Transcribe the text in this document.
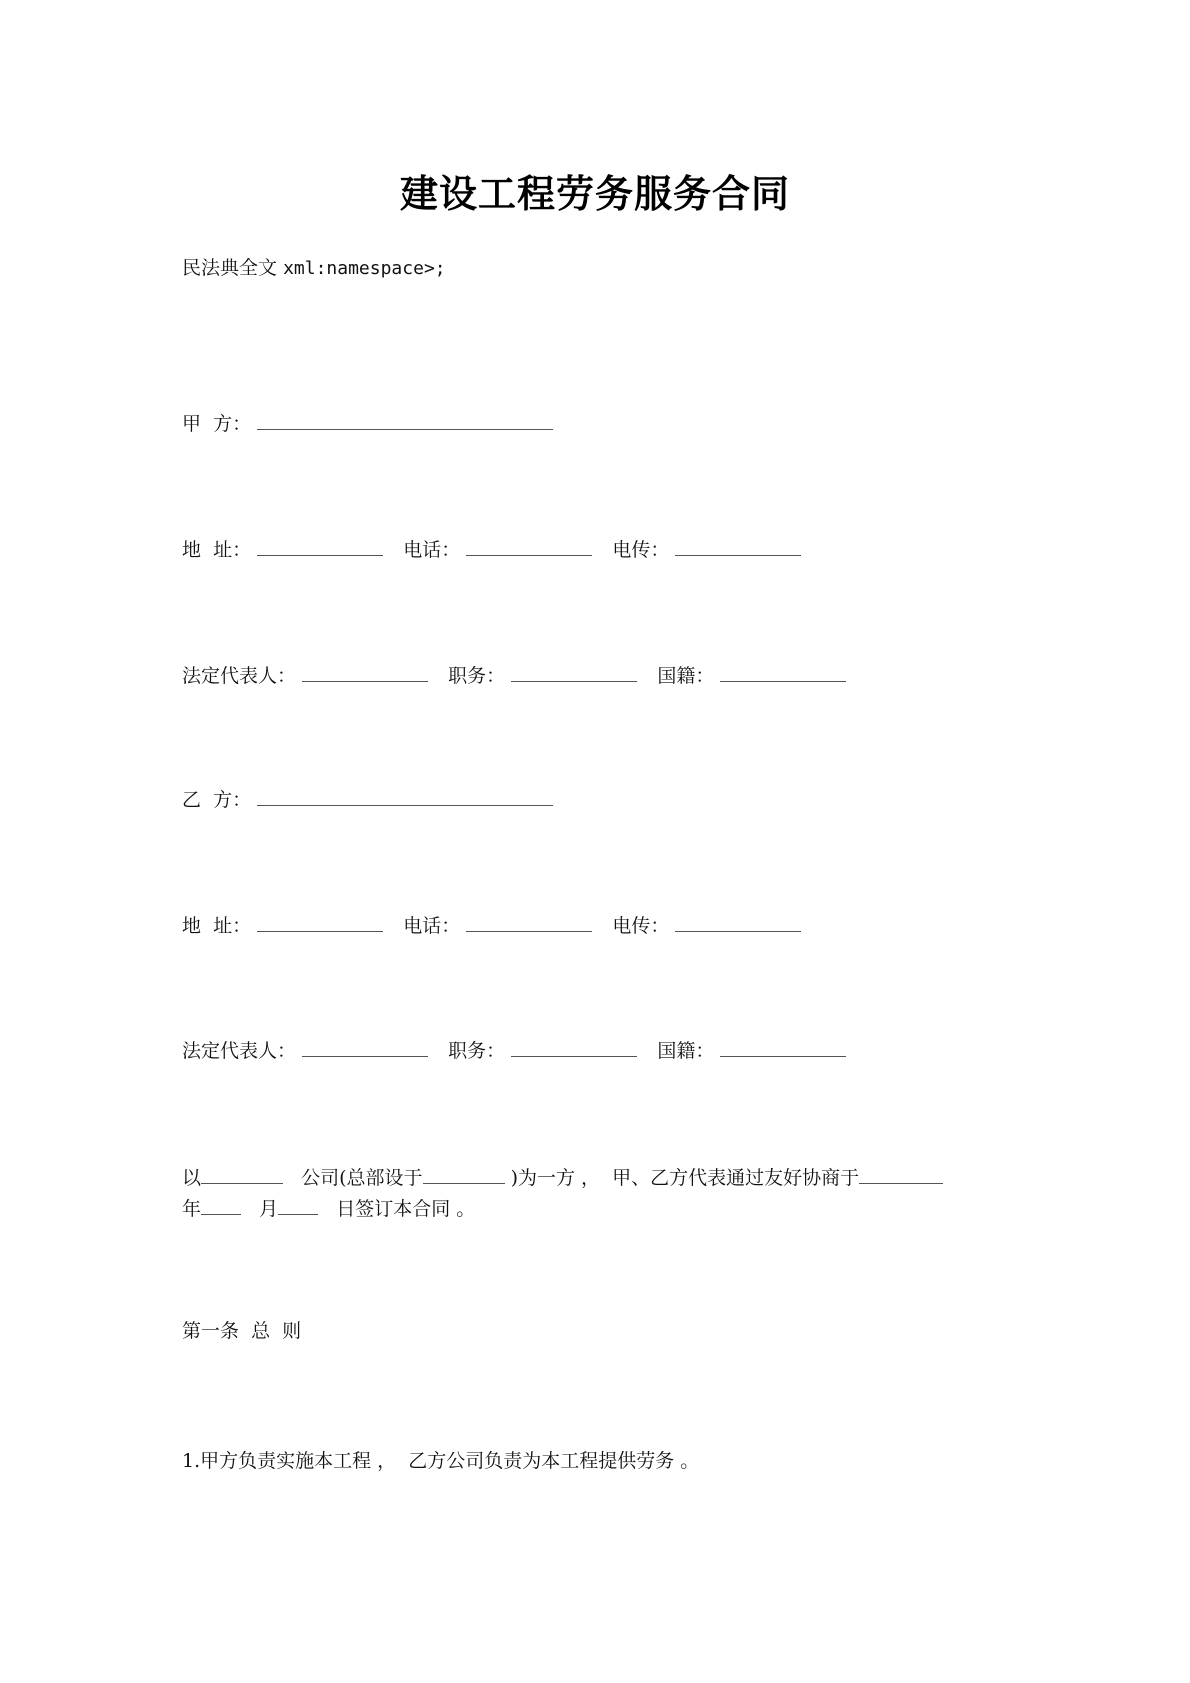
建设工程劳务服务合同
民法典全文 xml:namespace>;
甲  方：
地  址：	电话：	电传：
法定代表人：	职务：	国籍：
乙  方：
地  址：	电话：	电传：
法定代表人：	职务：	国籍：
以	公司(总部设于	)为一方 ，  甲、乙方代表通过友好协商于
年	月	日签订本合同 。
第一条  总  则
1.甲方负责实施本工程 ，  乙方公司负责为本工程提供劳务 。
